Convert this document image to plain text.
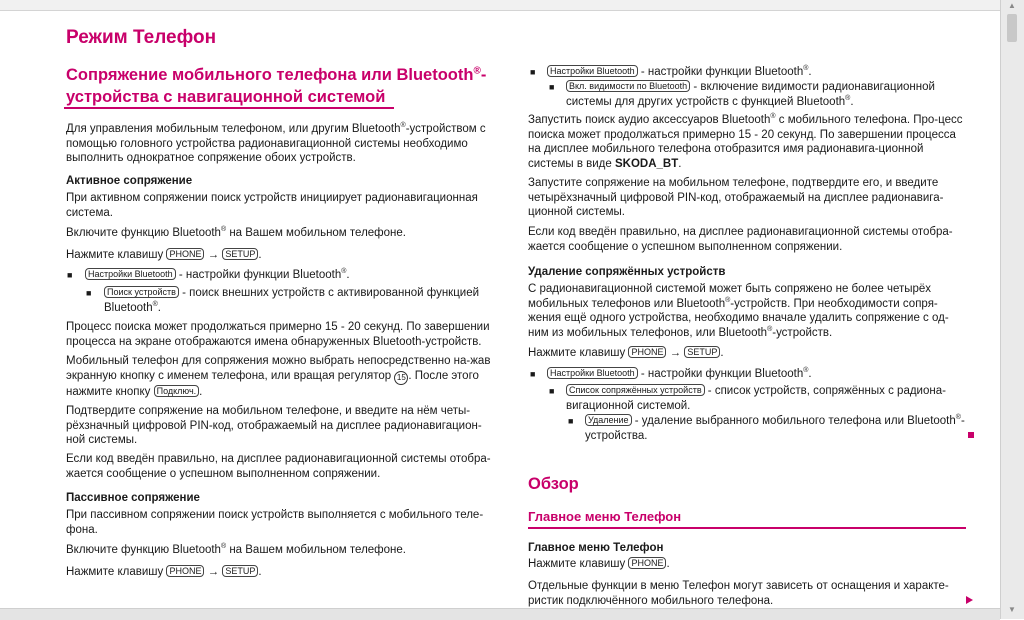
▲
▼
Режим Телефон
Сопряжение мобильного телефона или Bluetooth®-
устройства с навигационной системой
Для управления мобильным телефоном, или другим Bluetooth®-устройством с помощью головного устройства радионавигационной системы необходимо выполнить однократное сопряжение обоих устройств.
Активное сопряжение
При активном сопряжении поиск устройств инициирует радионавигационная система.
Включите функцию Bluetooth® на Вашем мобильном телефоне.
Нажмите клавишу PHONE → SETUP .
■	Настройки Bluetooth - настройки функции Bluetooth®.
■	Поиск устройств - поиск внешних устройств с активированной функцией Bluetooth®.
Процесс поиска может продолжаться примерно 15 - 20 секунд. По завершении процесса на экране отображаются имена обнаруженных Bluetooth-устройств.
Мобильный телефон для сопряжения можно выбрать непосредственно на-жав экранную кнопку с именем телефона, или вращая регулятор 15 . После этого нажмите кнопку Подключ. .
Подтвердите сопряжение на мобильном телефоне, и введите на нём четы-рёхзначный цифровой PIN-код, отображаемый на дисплее радионавигацион-ной системы.
Если код введён правильно, на дисплее радионавигационной системы отобра-жается сообщение о успешном выполненном сопряжении.
Пассивное сопряжение
При пассивном сопряжении поиск устройств выполняется с мобильного теле-фона.
Включите функцию Bluetooth® на Вашем мобильном телефоне.
Нажмите клавишу PHONE → SETUP .
■	Настройки Bluetooth - настройки функции Bluetooth®.
■	Вкл. видимости по Bluetooth - включение видимости радионавигационной системы для других устройств с функцией Bluetooth®.
Запустить поиск аудио аксессуаров Bluetooth® с мобильного телефона. Про-цесс поиска может продолжаться примерно 15 - 20 секунд. По завершении процесса на дисплее мобильного телефона отобразится имя радионавига-ционной системы в виде SKODA_BT.
Запустите сопряжение на мобильном телефоне, подтвердите его, и введите четырёхзначный цифровой PIN-код, отображаемый на дисплее радионавига-ционной системы.
Если код введён правильно, на дисплее радионавигационной системы отобра-жается сообщение о успешном выполненном сопряжении.
Удаление сопряжённых устройств
С радионавигационной системой может быть сопряжено не более четырёх мобильных телефонов или Bluetooth®-устройств. При необходимости сопря-жения ещё одного устройства, необходимо вначале удалить сопряжение с од-ним из мобильных телефонов, или Bluetooth®-устройств.
Нажмите клавишу PHONE → SETUP .
■	Настройки Bluetooth - настройки функции Bluetooth®.
■	Список сопряжённых устройств - список устройств, сопряжённых с радиона-вигационной системой.
■	Удаление - удаление выбранного мобильного телефона или Bluetooth®-устройства.
Обзор
Главное меню Телефон
Главное меню Телефон
Нажмите клавишу PHONE .
Отдельные функции в меню Телефон могут зависеть от оснащения и характе-ристик подключённого мобильного телефона.
